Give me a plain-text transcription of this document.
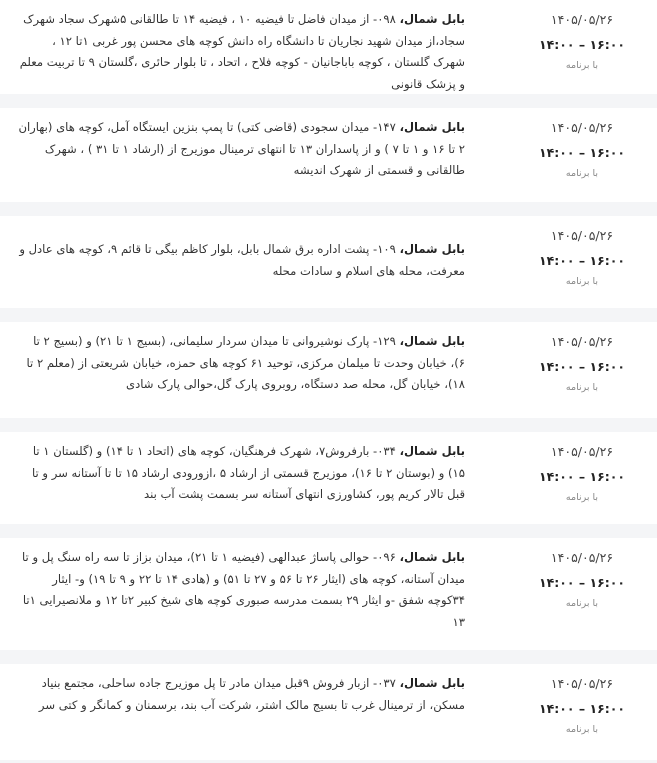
بابل شمال، ۰۹۸- از میدان فاضل تا فیضیه ۱۰ ، فیضیه ۱۴ تا طالقانی ۵شهرک سجاد شهرک سجاد،از میدان شهید نجاریان تا دانشگاه راه دانش کوچه های محسن پور غربی ۱تا ۱۲ ، شهرک گلستان ، کوچه باباجانیان - کوچه فلاح ، اتحاد ، تا بلوار حائری ،گلستان ۹ تا تربیت معلم و پزشک قانونی
۱۴۰۵/۰۵/۲۶
۱۴:۰۰ – ۱۶:۰۰
با برنامه
بابل شمال، ۱۴۷- میدان سجودی (قاضی کتی) تا پمپ بنزین ایستگاه آمل، کوچه های (بهاران ۲ تا ۱۶ و ۱ تا ۷ ) و از پاسداران ۱۳ تا انتهای ترمینال موزیرج از (ارشاد ۱ تا ۳۱ ) ، شهرک طالقانی و قسمتی از شهرک اندیشه
۱۴۰۵/۰۵/۲۶
۱۴:۰۰ – ۱۶:۰۰
با برنامه
بابل شمال، ۱۰۹- پشت اداره برق شمال بابل، بلوار کاظم بیگی تا قائم ۹، کوچه های عادل و معرفت، محله های اسلام و سادات محله
۱۴۰۵/۰۵/۲۶
۱۴:۰۰ – ۱۶:۰۰
با برنامه
بابل شمال، ۱۲۹- پارک نوشیروانی تا میدان سردار سلیمانی، (بسیج ۱ تا ۲۱) و (بسیج ۲ تا ۶)، خیابان وحدت تا میلمان مرکزی، توحید ۶۱ کوچه های حمزه، خیابان شریعتی از (معلم ۲ تا ۱۸)، خیابان گل، محله صد دستگاه، روبروی پارک گل،حوالی پارک شادی
۱۴۰۵/۰۵/۲۶
۱۴:۰۰ – ۱۶:۰۰
با برنامه
بابل شمال، ۰۳۴- بارفروش۷، شهرک فرهنگیان، کوچه های (اتحاد ۱ تا ۱۴) و (گلستان ۱ تا ۱۵) و (بوستان ۲ تا ۱۶)، موزیرج قسمتی از ارشاد ۵ ،ازورودی ارشاد ۱۵ تا تا آستانه سر و تا قبل تالار کریم پور، کشاورزی انتهای آستانه سر بسمت پشت آب بند
۱۴۰۵/۰۵/۲۶
۱۴:۰۰ – ۱۶:۰۰
با برنامه
بابل شمال، ۰۹۶- حوالی پاساژ عبدالهی (فیضیه ۱ تا ۲۱)، میدان بزاز تا سه راه سنگ پل و تا میدان آستانه، کوچه های (ایثار ۲۶ تا ۵۶ و ۲۷ تا ۵۱) و (هادی ۱۴ تا ۲۲ و ۹ تا ۱۹) و- ایثار ۳۴کوچه شفق -و ایثار ۲۹ بسمت مدرسه صبوری کوچه های شیخ کبیر ۲تا ۱۲ و ملانصیرایی ۱تا ۱۳
۱۴۰۵/۰۵/۲۶
۱۴:۰۰ – ۱۶:۰۰
با برنامه
بابل شمال، ۰۳۷- ازبار فروش ۹قبل میدان مادر تا پل موزیرج جاده ساحلی، مجتمع بنیاد مسکن، از ترمینال غرب تا بسیج مالک اشتر، شرکت آب بند، برسمنان و کمانگر و کتی سر
۱۴۰۵/۰۵/۲۶
۱۴:۰۰ – ۱۶:۰۰
با برنامه
